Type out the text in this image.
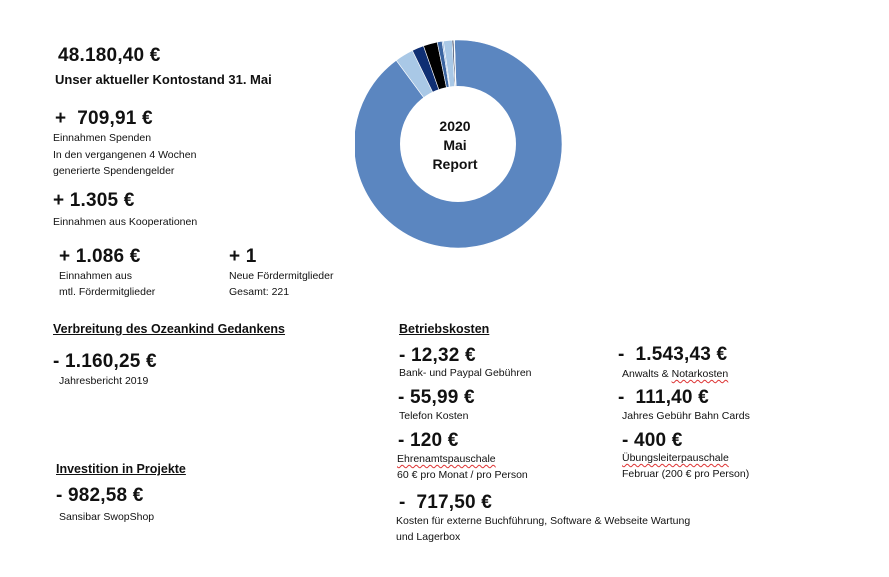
48.180,40 €
Unser aktueller Kontostand 31. Mai
+  709,91 €
Einnahmen Spenden
In den vergangenen 4 Wochen
generierte Spendengelder
+ 1.305 €
Einnahmen aus Kooperationen
+ 1.086 €
Einnahmen aus
mtl. Fördermitglieder
+ 1
Neue Fördermitglieder
Gesamt: 221
2020
Mai
Report
Verbreitung des Ozeankind Gedankens
- 1.160,25 €
Jahresbericht 2019
Investition in Projekte
- 982,58 €
Sansibar SwopShop
Betriebskosten
- 12,32 €
Bank- und Paypal Gebühren
-  1.543,43 €
Anwalts & Notarkosten
- 55,99 €
Telefon Kosten
-  111,40 €
Jahres Gebühr Bahn Cards
- 120 €
Ehrenamtspauschale
60 € pro Monat / pro Person
- 400 €
Übungsleiterpauschale
Februar (200 € pro Person)
-  717,50 €
Kosten für externe Buchführung, Software & Webseite Wartung
und Lagerbox
